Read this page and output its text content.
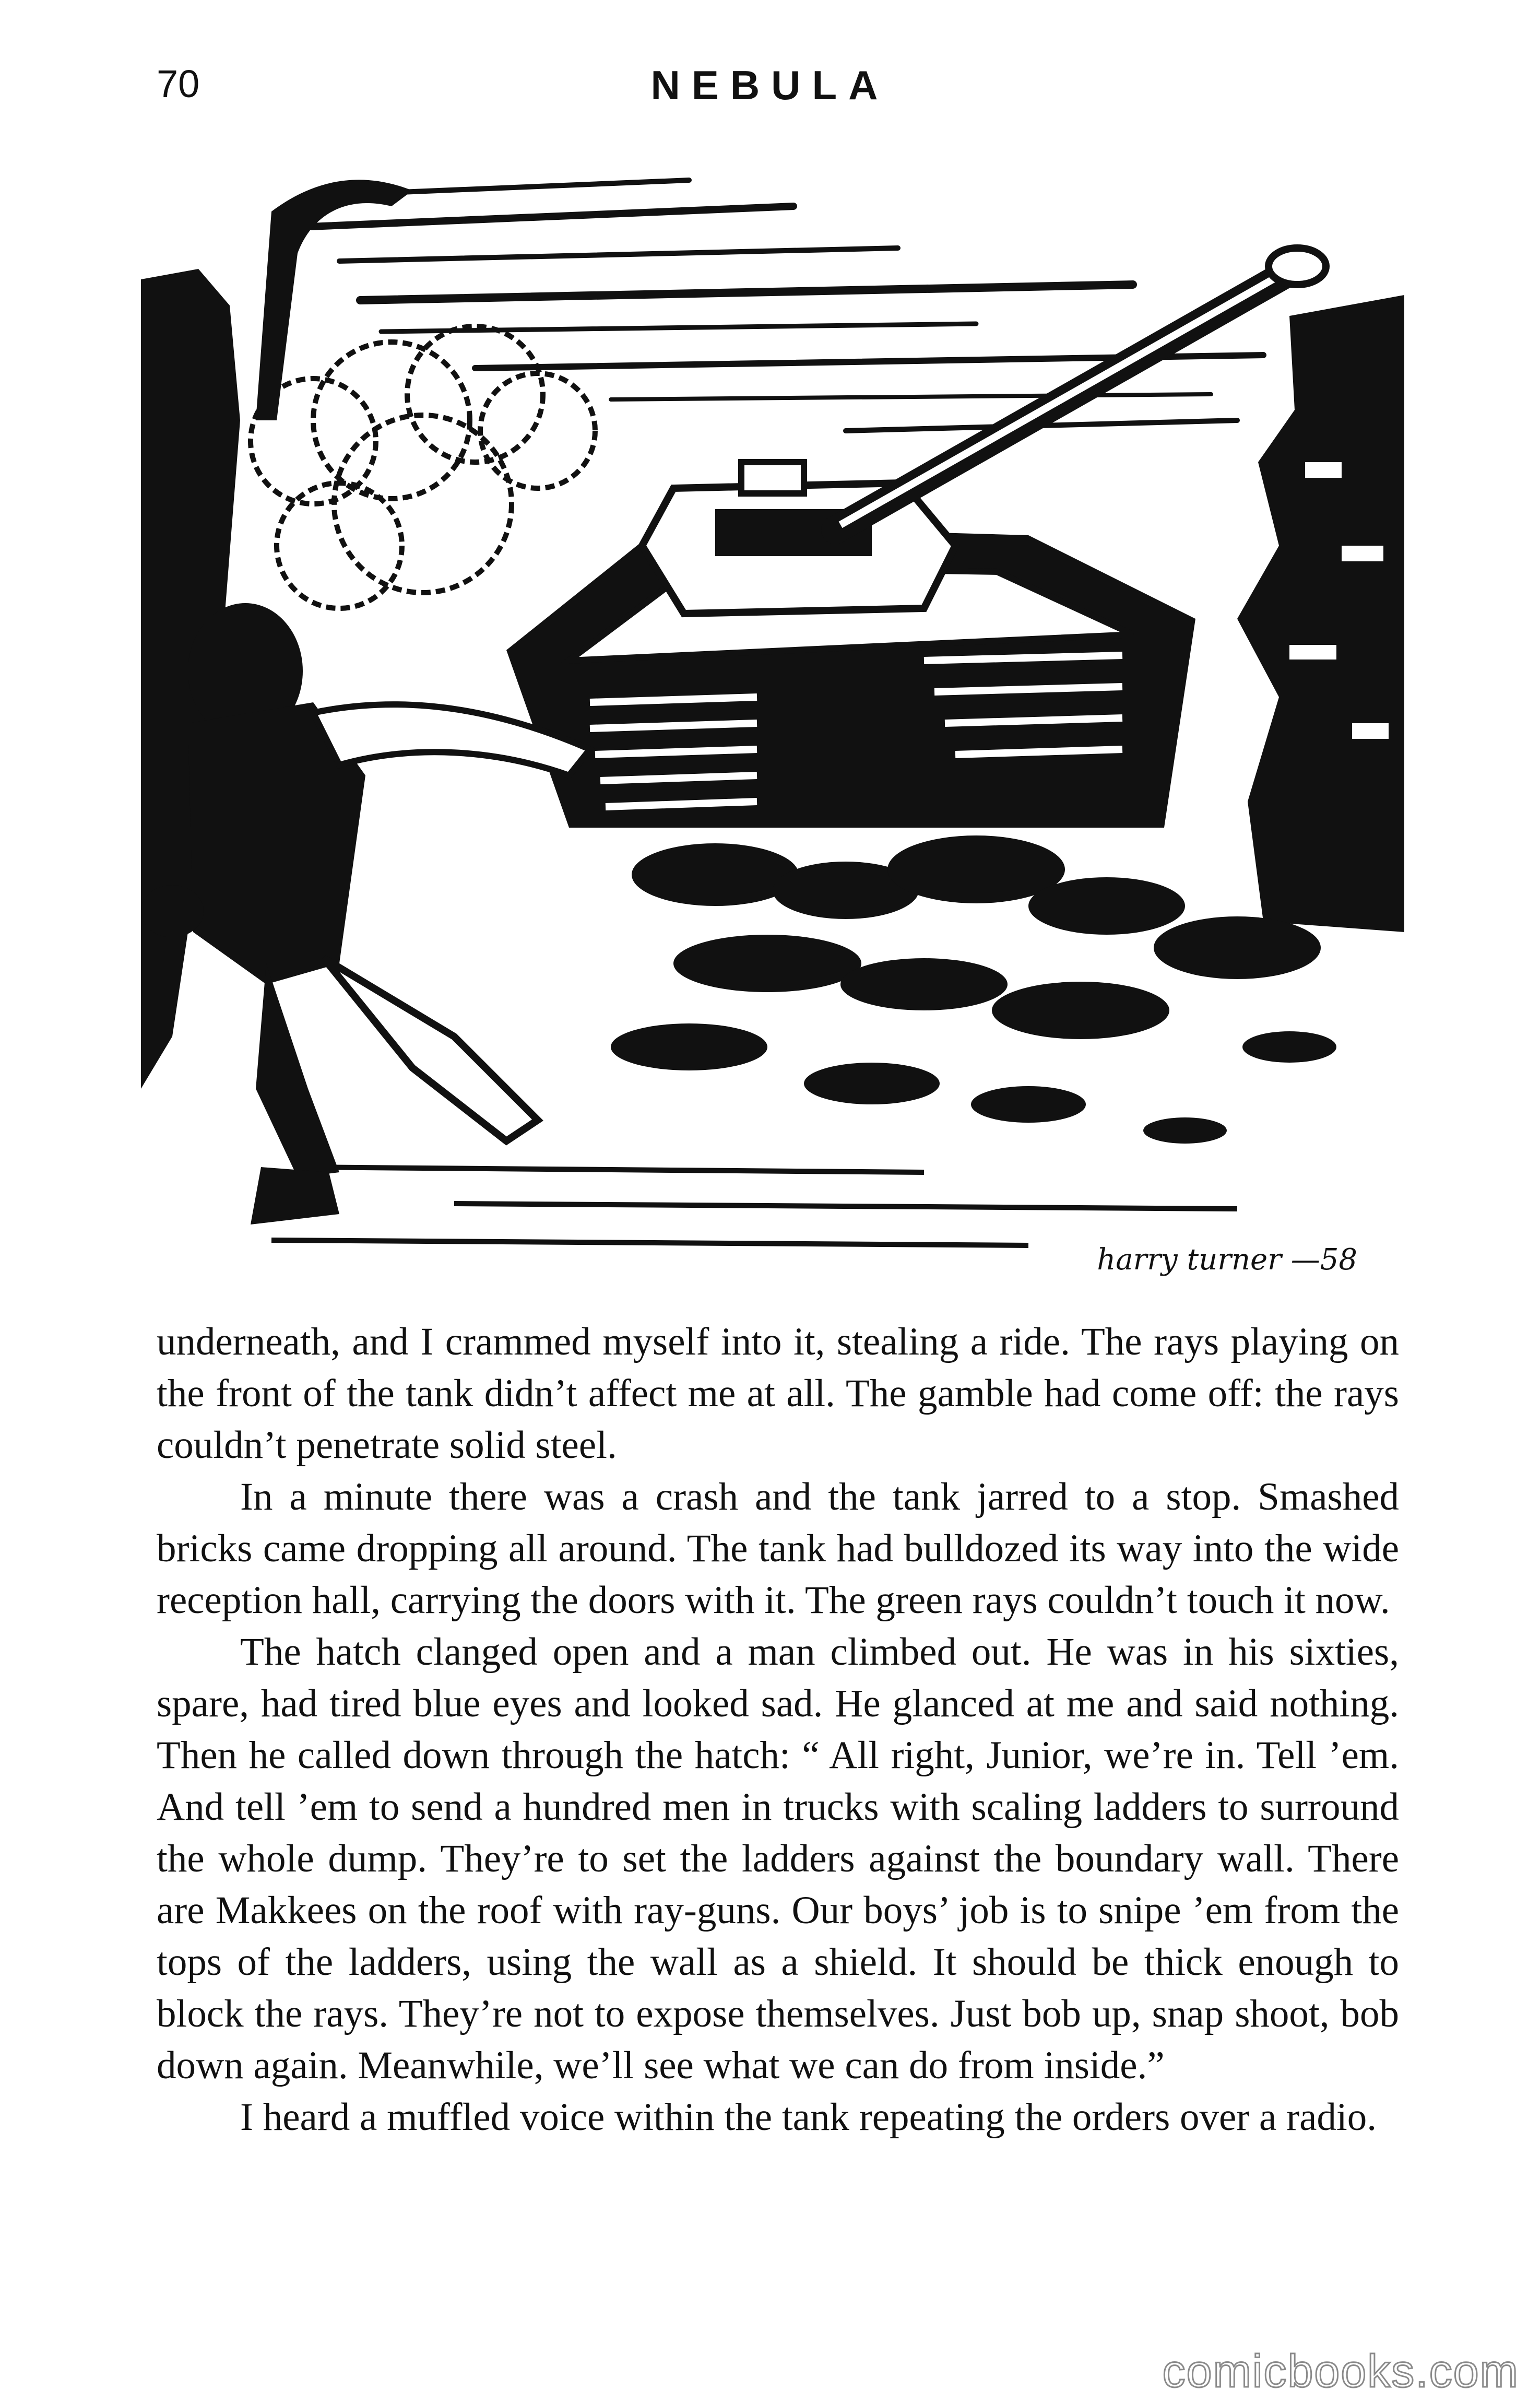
70	NEBULA
harry turner —58

underneath, and I crammed myself into it, stealing a ride. The rays playing on the front of the tank didn’t affect me at all. The gamble had come off: the rays couldn’t penetrate solid steel.

In a minute there was a crash and the tank jarred to a stop. Smashed bricks came dropping all around. The tank had bulldozed its way into the wide reception hall, carrying the doors with it. The green rays couldn’t touch it now.

The hatch clanged open and a man climbed out. He was in his sixties, spare, had tired blue eyes and looked sad. He glanced at me and said nothing. Then he called down through the hatch: “ All right, Junior, we’re in. Tell ’em. And tell ’em to send a hundred men in trucks with scaling ladders to surround the whole dump. They’re to set the ladders against the boundary wall. There are Makkees on the roof with ray-guns. Our boys’ job is to snipe ’em from the tops of the ladders, using the wall as a shield. It should be thick enough to block the rays. They’re not to expose themselves. Just bob up, snap shoot, bob down again. Meanwhile, we’ll see what we can do from inside.”

I heard a muffled voice within the tank repeating the orders over a radio.

comicbooks.com
